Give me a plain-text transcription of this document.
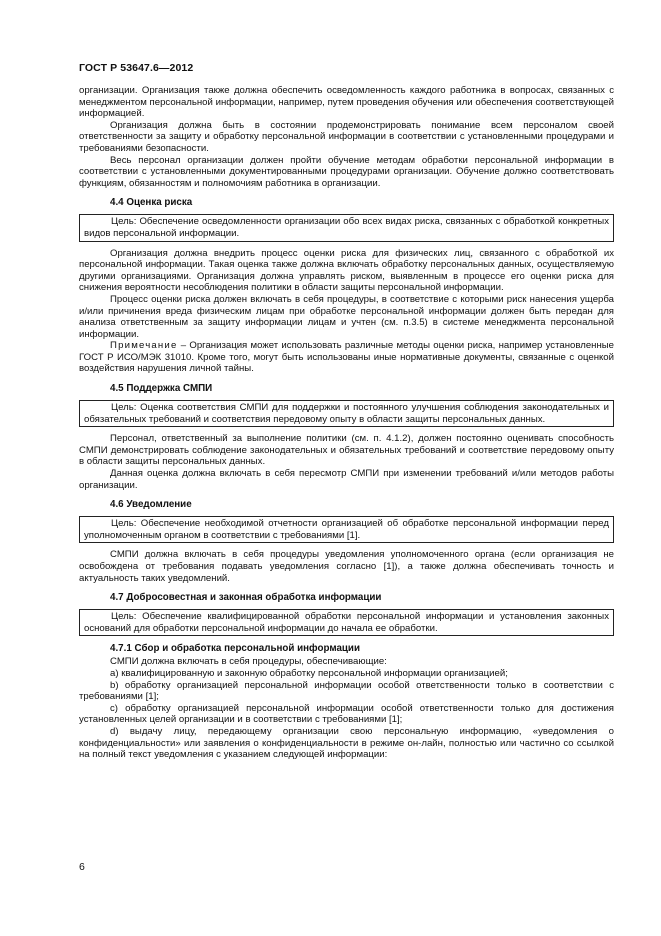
ГОСТ Р 53647.6—2012

организации. Организация также должна обеспечить осведомленность каждого работника в вопросах, связанных с менеджментом персональной информации, например, путем проведения обучения или обеспечения соответствующей информацией.

Организация должна быть в состоянии продемонстрировать понимание всем персоналом своей ответственности за защиту и обработку персональной информации в соответствии с установленными процедурами и требованиями безопасности.

Весь персонал организации должен пройти обучение методам обработки персональной информации в соответствии с установленными документированными процедурами организации. Обучение должно соответствовать функциям, обязанностям и полномочиям работника в организации.

4.4 Оценка риска

Цель: Обеспечение осведомленности организации обо всех видах риска, связанных с обработкой конкретных видов персональной информации.

Организация должна внедрить процесс оценки риска для физических лиц, связанного с обработкой их персональной информации. Такая оценка также должна включать обработку персональных данных, осуществляемую другими организациями. Организация должна управлять риском, выявленным в процессе его оценки риска для снижения вероятности несоблюдения политики в области защиты персональной информации.

Процесс оценки риска должен включать в себя процедуры, в соответствие с которыми риск нанесения ущерба и/или причинения вреда физическим лицам при обработке персональной информации должен быть передан для анализа ответственным за защиту информации лицам и учтен (см. п.3.5) в системе менеджмента персональной информации.

Примечание – Организация может использовать различные методы оценки риска, например установленные ГОСТ Р ИСО/МЭК 31010. Кроме того, могут быть использованы иные нормативные документы, связанные с оценкой воздействия нарушения личной тайны.

4.5 Поддержка СМПИ

Цель: Оценка соответствия СМПИ для поддержки и постоянного улучшения соблюдения законодательных и обязательных требований и соответствия передовому опыту в области защиты персональных данных.

Персонал, ответственный за выполнение политики (см. п. 4.1.2), должен постоянно оценивать способность СМПИ демонстрировать соблюдение законодательных и обязательных требований и соответствие передовому опыту в области защиты персональных данных.

Данная оценка должна включать в себя пересмотр СМПИ при изменении требований и/или методов работы организации.

4.6 Уведомление

Цель: Обеспечение необходимой отчетности организацией об обработке персональной информации перед уполномоченным органом в соответствии с требованиями [1].

СМПИ должна включать в себя процедуры уведомления уполномоченного органа (если организация не освобождена от требования подавать уведомления согласно [1]), а также должна обеспечивать точность и актуальность таких уведомлений.

4.7 Добросовестная и законная обработка информации

Цель: Обеспечение квалифицированной обработки персональной информации и установления законных оснований для обработки персональной информации до начала ее обработки.

4.7.1 Сбор и обработка персональной информации

СМПИ должна включать в себя процедуры, обеспечивающие:

a) квалифицированную и законную обработку персональной информации организацией;

b) обработку организацией персональной информации особой ответственности только в соответствии с требованиями [1];

c) обработку организацией персональной информации особой ответственности только для достижения установленных целей организации и в соответствии с требованиями [1];

d) выдачу лицу, передающему организации свою персональную информацию, «уведомления о конфиденциальности» или заявления о конфиденциальности в режиме он-лайн, полностью или частично со ссылкой на полный текст уведомления с указанием следующей информации:

6
